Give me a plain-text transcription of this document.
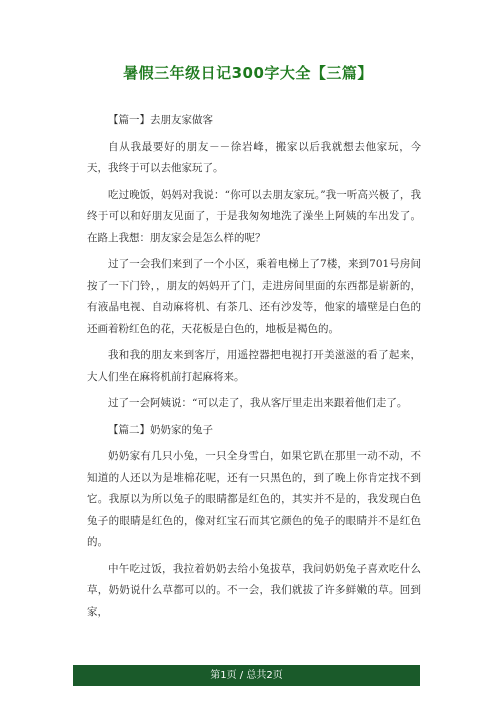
暑假三年级日记300字大全【三篇】

【篇一】去朋友家做客

自从我最要好的朋友－－徐岩峰，搬家以后我就想去他家玩，今天，我终于可以去他家玩了。

吃过晚饭，妈妈对我说：“你可以去朋友家玩。”我一听高兴极了，我终于可以和好朋友见面了，于是我匆匆地洗了澡坐上阿姨的车出发了。在路上我想：朋友家会是怎么样的呢？

过了一会我们来到了一个小区，乘着电梯上了7楼，来到701号房间按了一下门铃，，朋友的妈妈开了门，走进房间里面的东西都是崭新的，有液晶电视、自动麻将机、有茶几、还有沙发等，他家的墙壁是白色的还画着粉红色的花，天花板是白色的，地板是褐色的。

我和我的朋友来到客厅，用遥控器把电视打开美滋滋的看了起来，大人们坐在麻将机前打起麻将来。

过了一会阿姨说：“可以走了，我从客厅里走出来跟着他们走了。

【篇二】奶奶家的兔子

奶奶家有几只小兔，一只全身雪白，如果它趴在那里一动不动，不知道的人还以为是堆棉花呢，还有一只黑色的，到了晚上你肯定找不到它。我原以为所以兔子的眼睛都是红色的，其实并不是的，我发现白色兔子的眼睛是红色的，像对红宝石而其它颜色的兔子的眼睛并不是红色的。

中午吃过饭，我拉着奶奶去给小兔拔草，我问奶奶兔子喜欢吃什么草，奶奶说什么草都可以的。不一会，我们就拔了许多鲜嫩的草。回到家，

第1页 / 总共2页
